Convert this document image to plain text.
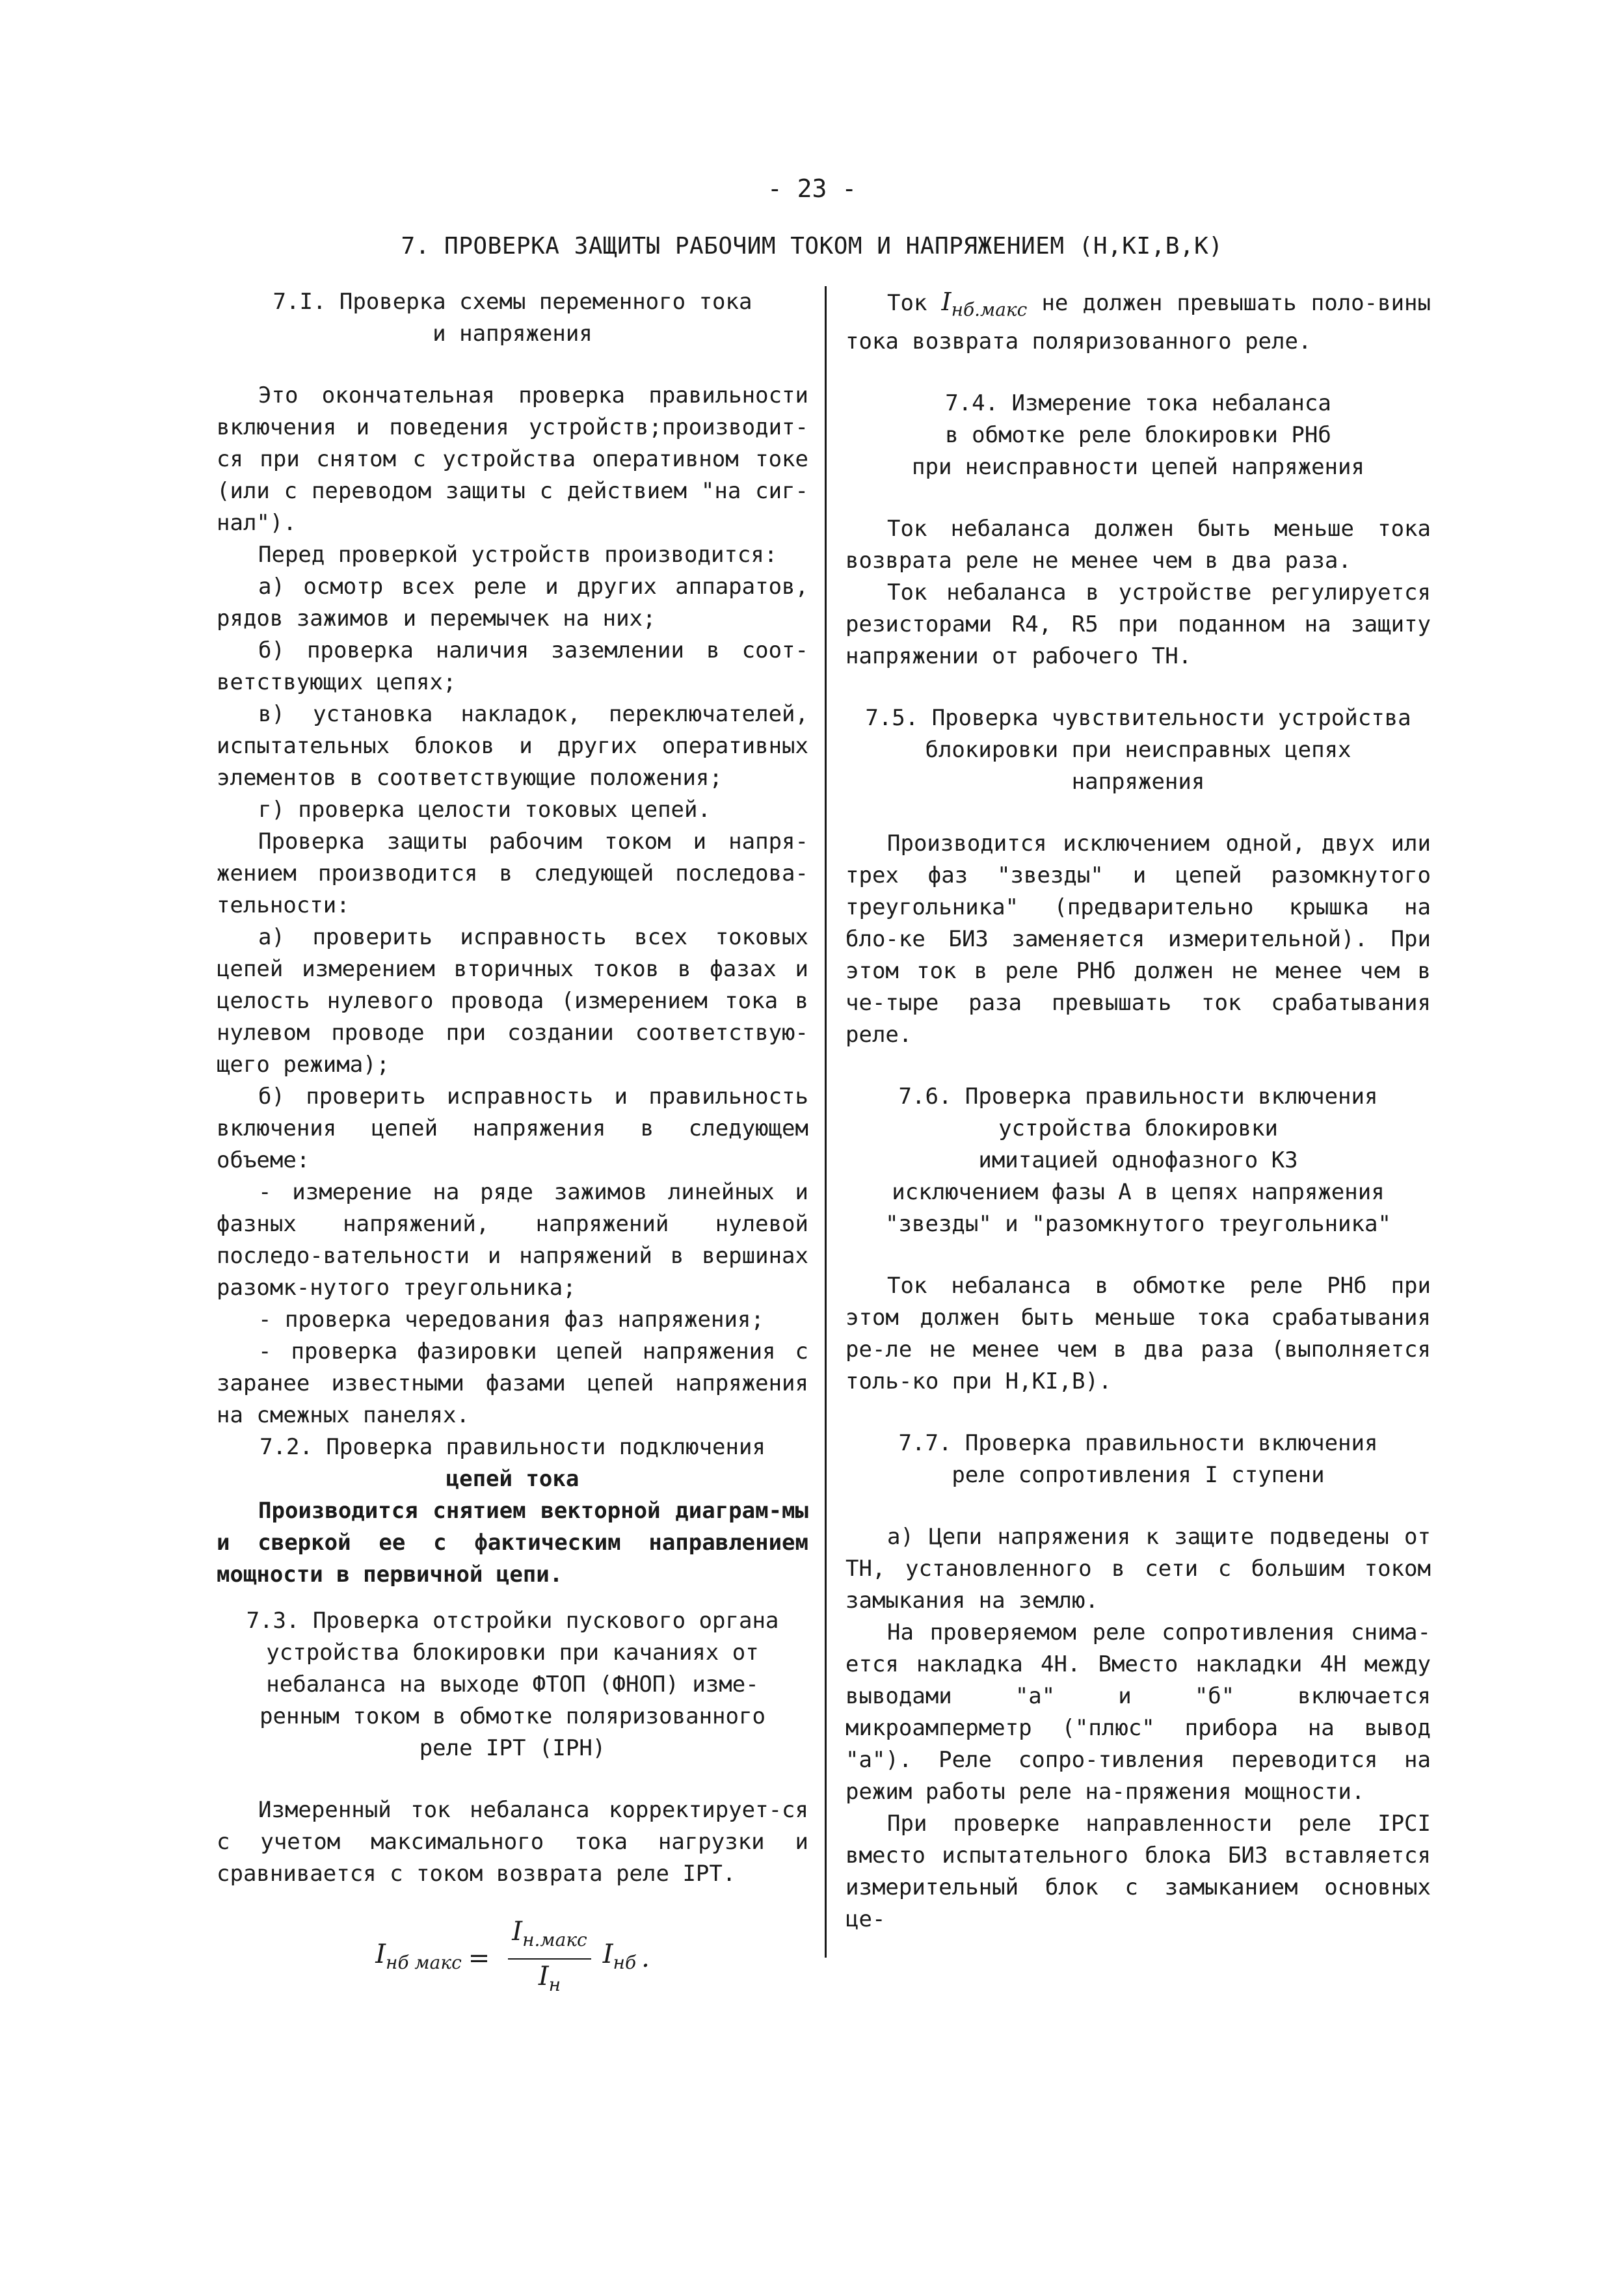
- 23 -
7. ПРОВЕРКА ЗАЩИТЫ РАБОЧИМ ТОКОМ И НАПРЯЖЕНИЕМ (Н,KI,В,К)

7.I. Проверка схемы переменного тока

и напряжения

Это окончательная проверка правильности включения и поведения устройств;производит-ся при снятом с устройства оперативном токе (или с переводом защиты с действием "на сиг-нал").

Перед проверкой устройств производится:

а) осмотр всех реле и других аппаратов, рядов зажимов и перемычек на них;

б) проверка наличия заземлении в соот-ветствующих цепях;

в) установка накладок, переключателей, испытательных блоков и других оперативных элементов в соответствующие положения;

г) проверка целости токовых цепей.

Проверка защиты рабочим током и напря-жением производится в следующей последова-тельности:

а) проверить исправность всех токовых цепей измерением вторичных токов в фазах и целость нулевого провода (измерением тока в нулевом проводе при создании соответствую-щего режима);

б) проверить исправность и правильность включения цепей напряжения в следующем объеме:

- измерение на ряде зажимов линейных и фазных напряжений, напряжений нулевой последо-вательности и напряжений в вершинах разомк-нутого треугольника;

- проверка чередования фаз напряжения;

- проверка фазировки цепей напряжения с заранее известными фазами цепей напряжения на смежных панелях.

7.2. Проверка правильности подключения

цепей тока

Производится снятием векторной диаграм-мы и сверкой ее с фактическим направлением мощности в первичной цепи.

7.3. Проверка отстройки пускового органа

устройства блокировки при качаниях от

небаланса на выходе ФТОП (ФНОП) изме-

ренным током в обмотке поляризованного

реле IPT (IPH)

Измеренный ток небаланса корректирует-ся с учетом максимального тока нагрузки и сравнивается с током возврата реле IPT.

$I_{нб макс} = \frac{I_{н.макс}}{I_н} I_{нб}$ .

Ток $I_{нб.макс}$ не должен превышать поло-вины тока возврата поляризованного реле.

7.4. Измерение тока небаланса

в обмотке реле блокировки РНб

при неисправности цепей напряжения

Ток небаланса должен быть меньше тока возврата реле не менее чем в два раза.

Ток небаланса в устройстве регулируется резисторами R4, R5 при поданном на защиту напряжении от рабочего ТН.

7.5. Проверка чувствительности устройства

блокировки при неисправных цепях

напряжения

Производится исключением одной, двух или трех фаз "звезды" и цепей разомкнутого треугольника" (предварительно крышка на бло-ке БИЗ заменяется измерительной). При этом ток в реле РНб должен не менее чем в че-тыре раза превышать ток срабатывания реле.

7.6. Проверка правильности включения

устройства блокировки

имитацией однофазного КЗ

исключением фазы А в цепях напряжения

"звезды" и "разомкнутого треугольника"

Ток небаланса в обмотке реле РНб при этом должен быть меньше тока срабатывания ре-ле не менее чем в два раза (выполняется толь-ко при Н,KI,В).

7.7. Проверка правильности включения

реле сопротивления I ступени

а) Цепи напряжения к защите подведены от ТН, установленного в сети с большим током замыкания на землю.

На проверяемом реле сопротивления снима-ется накладка 4Н. Вместо накладки 4Н между выводами "а" и "б" включается микроамперметр ("плюс" прибора на вывод "а"). Реле сопро-тивления переводится на режим работы реле на-пряжения мощности.

При проверке направленности реле IPCI вместо испытательного блока БИЗ вставляется измерительный блок с замыканием основных це-
